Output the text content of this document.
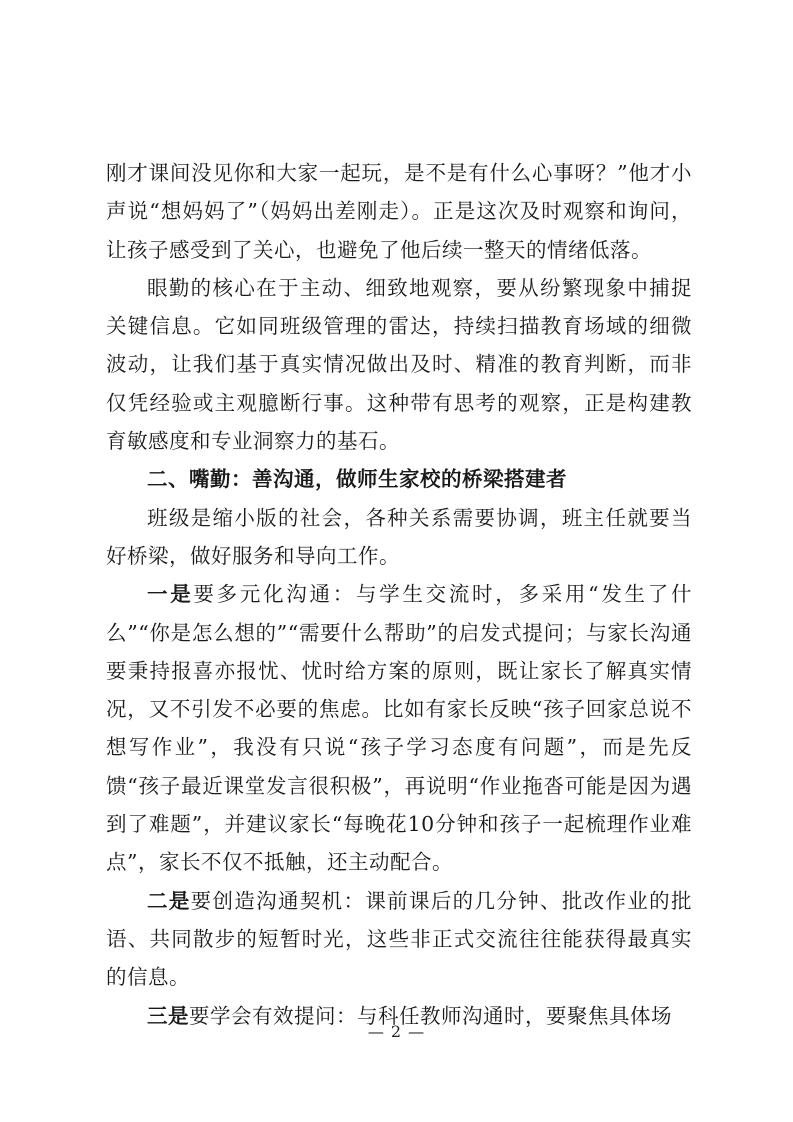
刚才课间没见你和大家一起玩，是不是有什么心事呀？”他才小声说“想妈妈了”（妈妈出差刚走）。正是这次及时观察和询问，让孩子感受到了关心，也避免了他后续一整天的情绪低落。

眼勤的核心在于主动、细致地观察，要从纷繁现象中捕捉关键信息。它如同班级管理的雷达，持续扫描教育场域的细微波动，让我们基于真实情况做出及时、精准的教育判断，而非仅凭经验或主观臆断行事。这种带有思考的观察，正是构建教育敏感度和专业洞察力的基石。

二、嘴勤：善沟通，做师生家校的桥梁搭建者

班级是缩小版的社会，各种关系需要协调，班主任就要当好桥梁，做好服务和导向工作。

一是要多元化沟通：与学生交流时，多采用“发生了什么”“你是怎么想的”“需要什么帮助”的启发式提问；与家长沟通要秉持报喜亦报忧、忧时给方案的原则，既让家长了解真实情况，又不引发不必要的焦虑。比如有家长反映“孩子回家总说不想写作业”，我没有只说“孩子学习态度有问题”，而是先反馈“孩子最近课堂发言很积极”，再说明“作业拖沓可能是因为遇到了难题”，并建议家长“每晚花10分钟和孩子一起梳理作业难点”，家长不仅不抵触，还主动配合。

二是要创造沟通契机：课前课后的几分钟、批改作业的批语、共同散步的短暂时光，这些非正式交流往往能获得最真实的信息。

三是要学会有效提问：与科任教师沟通时，要聚焦具体场

— 2 —
